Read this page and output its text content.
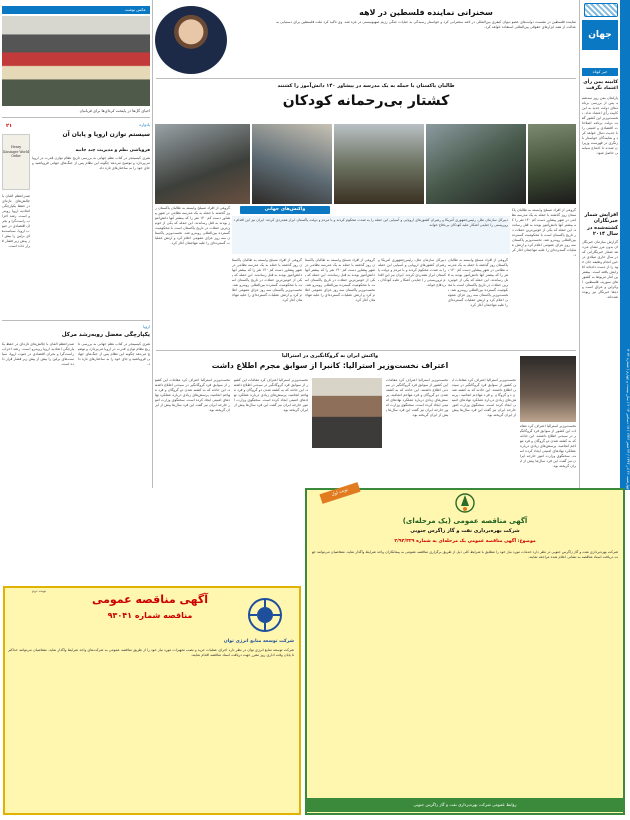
چهارشنبه ۲۶ آذر ۱۳۹۳ / ۲۴ صفر ۱۴۳۶ / ۱۷ دسامبر ۲۰۱۴ / سال بیست و چهارم / شماره ۷۰۷۶
جهان
خبر کوتاه
کابینه یمن رأی اعتماد نگرفت
پارلمان یمن روز سه‌شنبه پس از بررسی برنامه‌های دولت جدید به این کابینه رأی اعتماد نداد. نخست‌وزیر این کشور گفت دولت برنامه اصلاحات اقتصادی و امنیتی را با جدیت دنبال خواهد کرد و نمایندگان خواستار بازنگری در فهرست وزیران شدند تا اجماع سیاسی حاصل شود.
افزایش شمار خبرنگاران کشته‌شده در سال ۲۰۱۴
گزارش سازمان خبرنگاران بدون مرز نشان می‌دهد شمار خبرنگارانی که در سال جاری میلادی در حین انجام وظیفه جان خود را از دست داده‌اند افزایش یافته است. بیشترین آمار مربوط به کشورهای سوریه، فلسطین، اوکراین و عراق است و ده‌ها خبرنگار نیز ربوده شده‌اند.
سخنرانی نماینده فلسطین در لاهه
نماینده فلسطین در نشست دولت‌های عضو دیوان کیفری بین‌المللی در لاهه سخنرانی کرد و خواستار رسیدگی به جنایات جنگی رژیم صهیونیستی در غزه شد. وی تأکید کرد ملت فلسطین برای دستیابی به عدالت از همه ابزارهای حقوقی بین‌المللی استفاده خواهد کرد.
طالبان پاکستان با حمله به یک مدرسه در پیشاور ۱۴۰ دانش‌آموز را کشتند
کشتار بی‌رحمانه کودکان
گروهی از افراد مسلح وابسته به طالبان پاکستان روز گذشته با حمله به یک مدرسه نظامی در شهر پیشاور دست کم ۱۴۰ نفر را که بیشتر آنها دانش‌آموز بودند به قتل رساندند. این حمله که یکی از خونین‌ترین حملات در تاریخ پاکستان است با محکومیت گسترده بین‌المللی روبه‌رو شد. نخست‌وزیر پاکستان سه روز عزای عمومی اعلام کرد و ارتش عملیات گسترده‌ای را علیه مهاجمان آغاز کرد.
واکنش‌های جهانی
دبیرکل سازمان ملل، رئیس‌جمهوری آمریکا و رهبران کشورهای اروپایی و آسیایی این حمله را به شدت محکوم کردند و با مردم و دولت پاکستان ابراز همدردی کردند. ایران نیز این اقدام تروریستی را جنایتی آشکار علیه کودکان بی‌دفاع خواند.
گروهی از افراد مسلح وابسته به طالبان پاکستان روز گذشته با حمله به یک مدرسه نظامی در شهر پیشاور دست کم ۱۴۰ نفر را که بیشتر آنها دانش‌آموز بودند به قتل رساندند. این حمله که یکی از خونین‌ترین حملات در تاریخ پاکستان است با محکومیت گسترده بین‌المللی روبه‌رو شد. نخست‌وزیر پاکستان سه روز عزای عمومی اعلام کرد و ارتش عملیات گسترده‌ای را علیه مهاجمان آغاز کرد.
گروهی از افراد مسلح وابسته به طالبان پاکستان روز گذشته با حمله به یک مدرسه نظامی در شهر پیشاور دست کم ۱۴۰ نفر را که بیشتر آنها دانش‌آموز بودند به قتل رساندند. این حمله که یکی از خونین‌ترین حملات در تاریخ پاکستان است با محکومیت گسترده بین‌المللی روبه‌رو شد. نخست‌وزیر پاکستان سه روز عزای عمومی اعلام کرد و ارتش عملیات گسترده‌ای را علیه مهاجمان آغاز کرد.
گروهی از افراد مسلح وابسته به طالبان پاکستان روز گذشته با حمله به یک مدرسه نظامی در شهر پیشاور دست کم ۱۴۰ نفر را که بیشتر آنها دانش‌آموز بودند به قتل رساندند. این حمله که یکی از خونین‌ترین حملات در تاریخ پاکستان است با محکومیت گسترده بین‌المللی روبه‌رو شد. نخست‌وزیر پاکستان سه روز عزای عمومی اعلام کرد و ارتش عملیات گسترده‌ای را علیه مهاجمان آغاز کرد.
دبیرکل سازمان ملل، رئیس‌جمهوری آمریکا و رهبران کشورهای اروپایی و آسیایی این حمله را به شدت محکوم کردند و با مردم و دولت پاکستان ابراز همدردی کردند. ایران نیز این اقدام تروریستی را جنایتی آشکار علیه کودکان بی‌دفاع خواند.
گروهی از افراد مسلح وابسته به طالبان پاکستان روز گذشته با حمله به یک مدرسه نظامی در شهر پیشاور دست کم ۱۴۰ نفر را که بیشتر آنها دانش‌آموز بودند به قتل رساندند. این حمله که یکی از خونین‌ترین حملات در تاریخ پاکستان است با محکومیت گسترده بین‌المللی روبه‌رو شد. نخست‌وزیر پاکستان سه روز عزای عمومی اعلام کرد و ارتش عملیات گسترده‌ای را علیه مهاجمان آغاز کرد.
واکنش ایران به گروگانگیری در استرالیا
اعتراف نخست‌وزیر استرالیا: کانبرا از سوابق مجرم اطلاع داشت
نخست‌وزیر استرالیا اعتراف کرد مقامات این کشور از سوابق فرد گروگانگیر در سیدنی اطلاع داشتند. این حادثه که به کشته شدن دو گروگان و فرد مهاجم انجامید، پرسش‌های زیادی درباره عملکرد نهادهای امنیتی ایجاد کرده است. سخنگوی وزارت امور خارجه ایران نیز گفت این فرد سال‌ها پیش از ایران گریخته بود.
نخست‌وزیر استرالیا اعتراف کرد مقامات این کشور از سوابق فرد گروگانگیر در سیدنی اطلاع داشتند. این حادثه که به کشته شدن دو گروگان و فرد مهاجم انجامید، پرسش‌های زیادی درباره عملکرد نهادهای امنیتی ایجاد کرده است. سخنگوی وزارت امور خارجه ایران نیز گفت این فرد سال‌ها پیش از ایران گریخته بود.
نخست‌وزیر استرالیا اعتراف کرد مقامات این کشور از سوابق فرد گروگانگیر در سیدنی اطلاع داشتند. این حادثه که به کشته شدن دو گروگان و فرد مهاجم انجامید، پرسش‌های زیادی درباره عملکرد نهادهای امنیتی ایجاد کرده است. سخنگوی وزارت امور خارجه ایران نیز گفت این فرد سال‌ها پیش از ایران گریخته بود.
نخست‌وزیر استرالیا اعتراف کرد مقامات این کشور از سوابق فرد گروگانگیر در سیدنی اطلاع داشتند. این حادثه که به کشته شدن دو گروگان و فرد مهاجم انجامید، پرسش‌های زیادی درباره عملکرد نهادهای امنیتی ایجاد کرده است. سخنگوی وزارت امور خارجه ایران نیز گفت این فرد سال‌ها پیش از ایران گریخته بود.
نخست‌وزیر استرالیا اعتراف کرد مقامات این کشور از سوابق فرد گروگانگیر در سیدنی اطلاع داشتند. این حادثه که به کشته شدن دو گروگان و فرد مهاجم انجامید، پرسش‌های زیادی درباره عملکرد نهادهای امنیتی ایجاد کرده است. سخنگوی وزارت امور خارجه ایران نیز گفت این فرد سال‌ها پیش از ایران گریخته بود.
عکس نوشت
احیای گل‌ها در پایتخت کره‌ای‌ها برای قربانیان
۲۱	یادواره
سیستم توازن اروپا و پایان آن
Henry Kissinger World Order
فروپاشی نظم و مدیریت چند جانبه
هنری کیسینجر در کتاب نظم جهانی به بررسی تاریخ نظام توازن قدرت در اروپا می‌پردازد و توضیح می‌دهد چگونه این نظام پس از جنگ‌های جهانی فروپاشید و جای خود را به ساختارهای تازه داد.
صدراعظم آلمان با چالش‌های تازه‌ای در حفظ یکپارچگی اتحادیه اروپا روبه‌رو است. رشد احزاب راست‌گرا و بحران اقتصادی در جنوب اروپا، سیاست‌های برلین را بیش از پیش زیر فشار قرار داده است.
اروپا
یکپارچگی معضل روبه‌رشد مرکل
صدراعظم آلمان با چالش‌های تازه‌ای در حفظ یکپارچگی اتحادیه اروپا روبه‌رو است. رشد احزاب راست‌گرا و بحران اقتصادی در جنوب اروپا، سیاست‌های برلین را بیش از پیش زیر فشار قرار داده است.
هنری کیسینجر در کتاب نظم جهانی به بررسی تاریخ نظام توازن قدرت در اروپا می‌پردازد و توضیح می‌دهد چگونه این نظام پس از جنگ‌های جهانی فروپاشید و جای خود را به ساختارهای تازه داد.
نوبت اول
آگهی مناقصه عمومی (یک مرحله‌ای)
شرکت بهره‌برداری نفت و گاز زاگرس جنوبی
موضوع: آگهی مناقصه عمومی یک مرحله‌ای به شماره ۲/۹۳/۳۲۹
شرکت بهره‌برداری نفت و گاز زاگرس جنوبی در نظر دارد خدمات مورد نیاز خود را مطابق با شرایط کلی ذیل از طریق برگزاری مناقصه عمومی به پیمانکاران واجد شرایط واگذار نماید. متقاضیان می‌توانند جهت دریافت اسناد مناقصه به نشانی اعلام شده مراجعه نمایند.
روابط عمومی شرکت بهره‌برداری نفت و گاز زاگرس جنوبی
نوبت دوم
آگهی مناقصه عمومی
مناقصه شماره ۹۳۰۴۱
شرکت توسعه منابع انرژی توان
شرکت توسعه منابع انرژی توان در نظر دارد اجرای عملیات خرید و نصب تجهیزات مورد نیاز خود را از طریق مناقصه عمومی به شرکت‌های واجد شرایط واگذار نماید. متقاضیان می‌توانند حداکثر تا پایان وقت اداری روز مقرر جهت دریافت اسناد مناقصه اقدام نمایند.
